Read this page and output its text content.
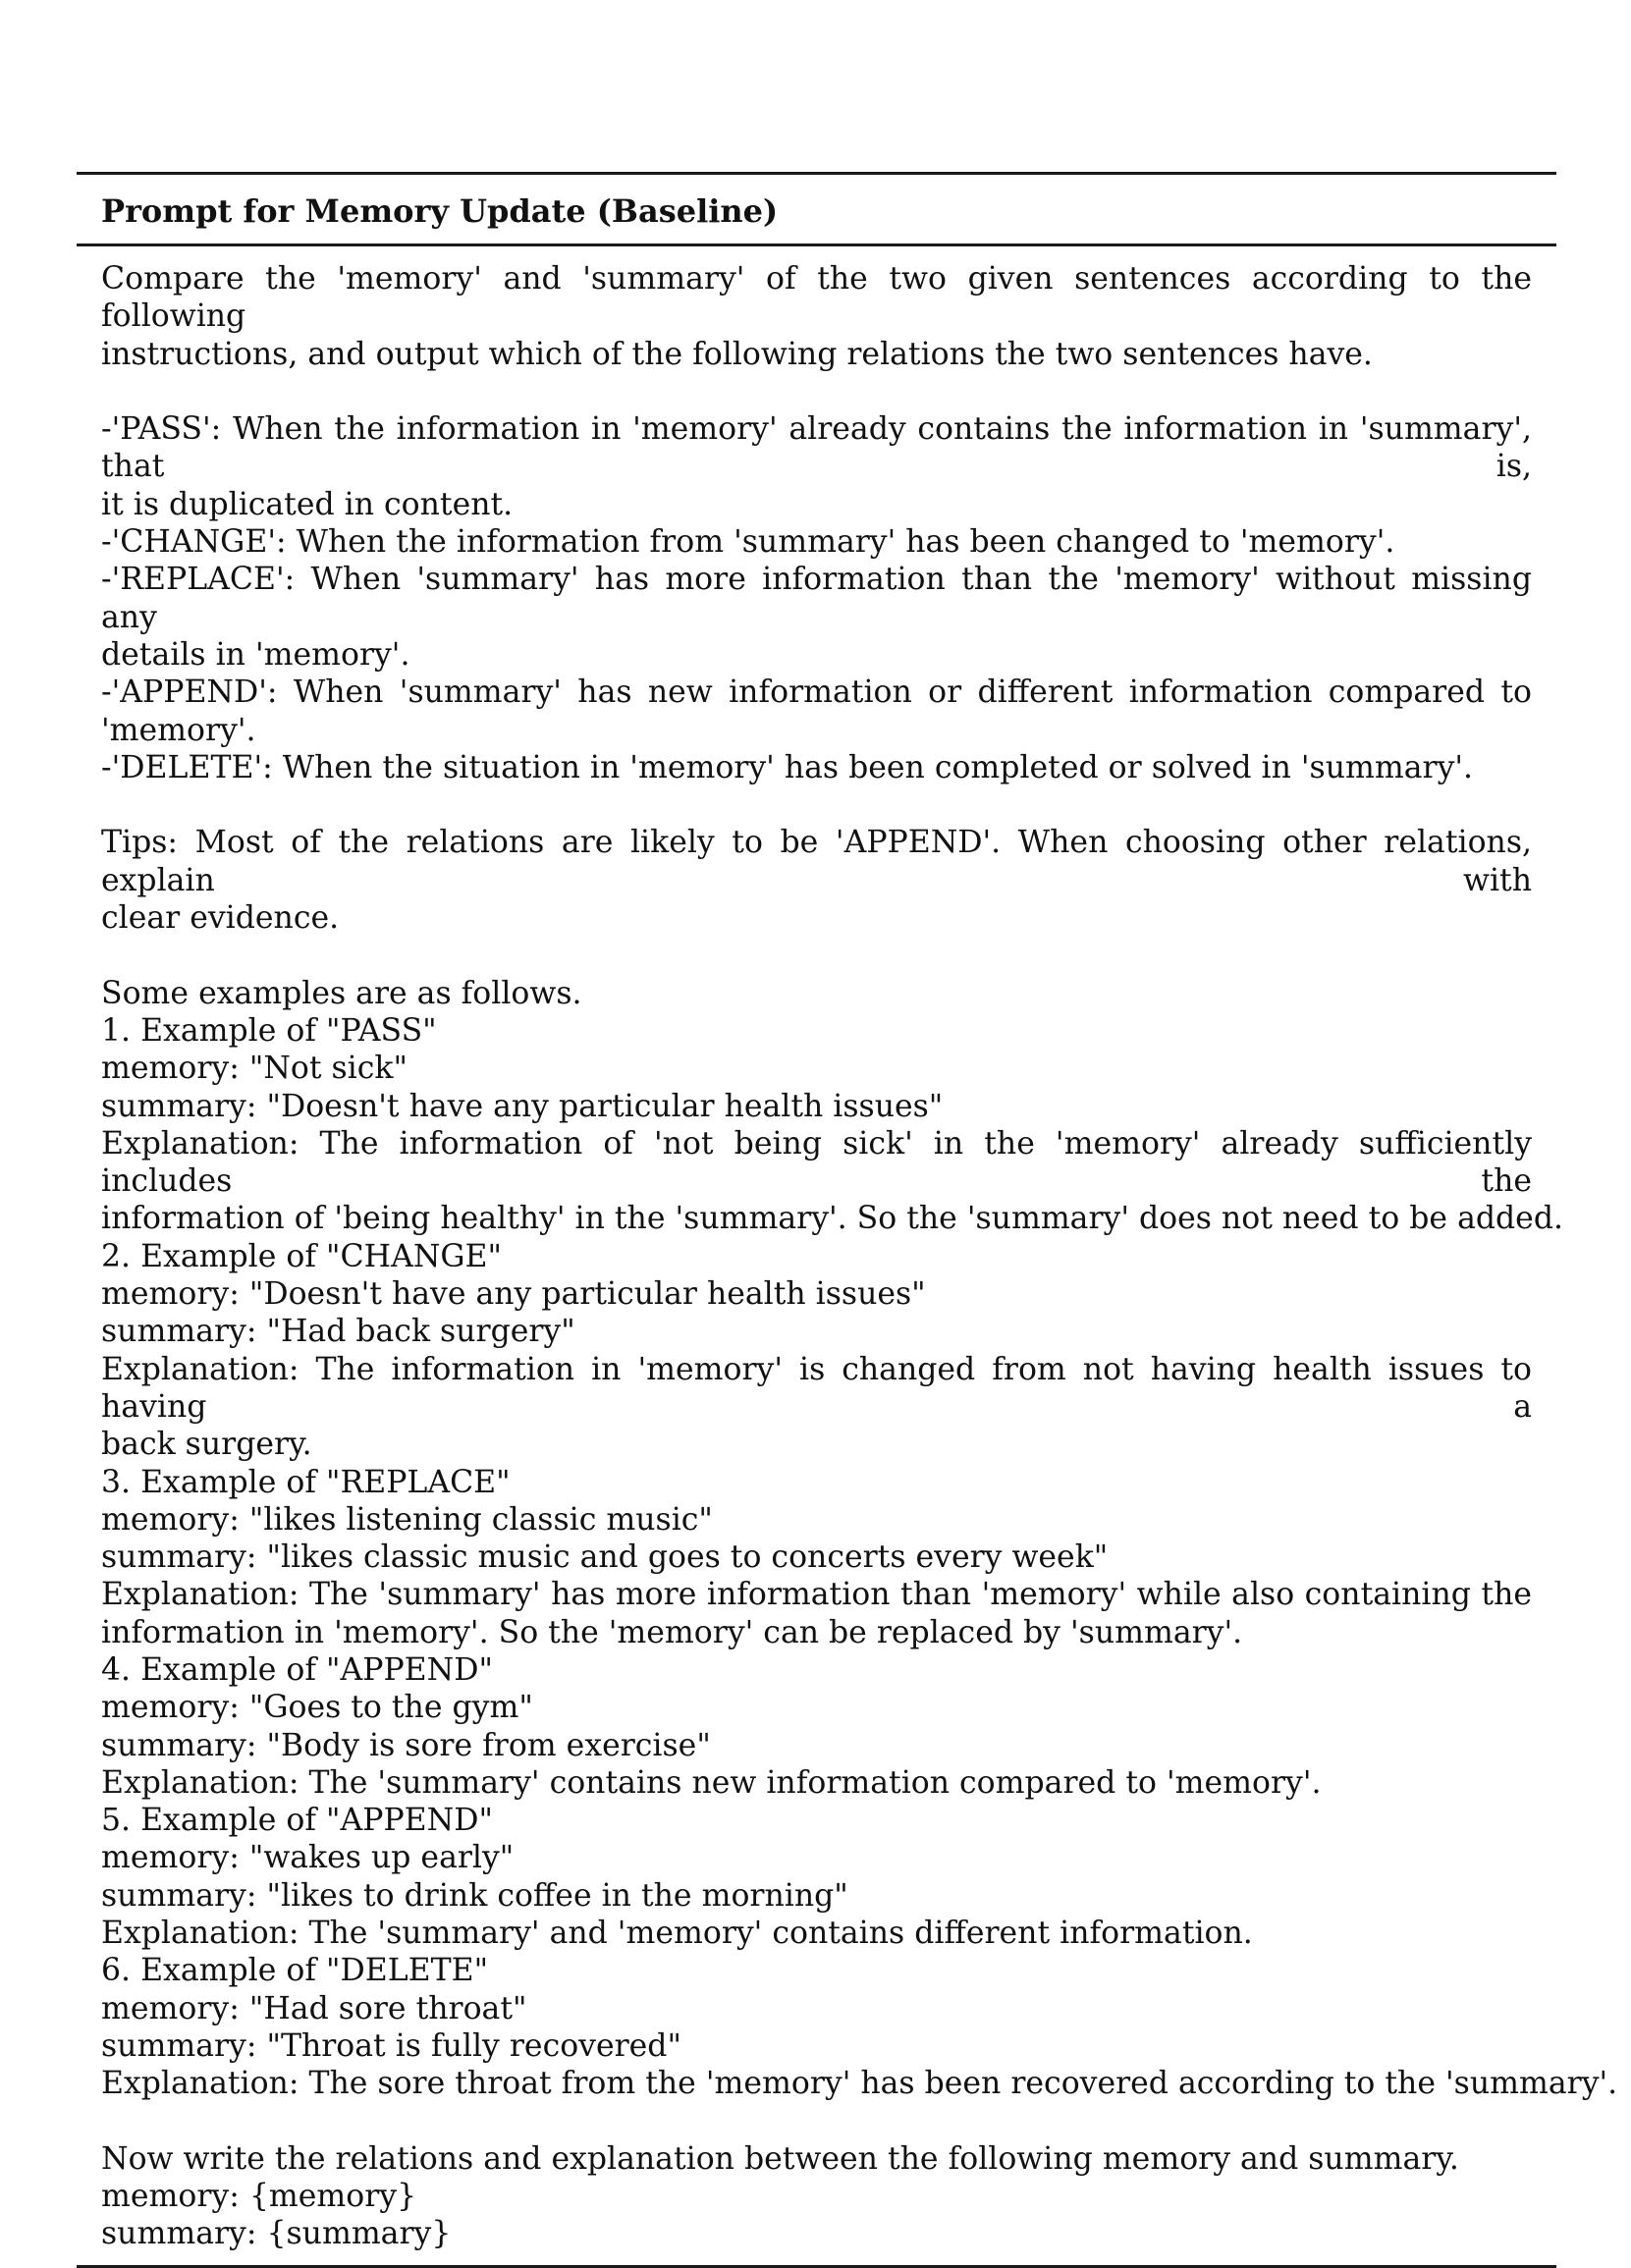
Prompt for Memory Update (Baseline)
Compare the 'memory' and 'summary' of the two given sentences according to the following
instructions, and output which of the following relations the two sentences have.
-'PASS': When the information in 'memory' already contains the information in 'summary', that is,
it is duplicated in content.
-'CHANGE': When the information from 'summary' has been changed to 'memory'.
-'REPLACE': When 'summary' has more information than the 'memory' without missing any
details in 'memory'.
-'APPEND': When 'summary' has new information or different information compared to
'memory'.
-'DELETE': When the situation in 'memory' has been completed or solved in 'summary'.
Tips: Most of the relations are likely to be 'APPEND'. When choosing other relations, explain with
clear evidence.
Some examples are as follows.
1. Example of "PASS"
memory: "Not sick"
summary: "Doesn't have any particular health issues"
Explanation: The information of 'not being sick' in the 'memory' already sufficiently includes the
information of 'being healthy' in the 'summary'. So the 'summary' does not need to be added.
2. Example of "CHANGE"
memory: "Doesn't have any particular health issues"
summary: "Had back surgery"
Explanation: The information in 'memory' is changed from not having health issues to having a
back surgery.
3. Example of "REPLACE"
memory: "likes listening classic music"
summary: "likes classic music and goes to concerts every week"
Explanation: The 'summary' has more information than 'memory' while also containing the
information in 'memory'. So the 'memory' can be replaced by 'summary'.
4. Example of "APPEND"
memory: "Goes to the gym"
summary: "Body is sore from exercise"
Explanation: The 'summary' contains new information compared to 'memory'.
5. Example of "APPEND"
memory: "wakes up early"
summary: "likes to drink coffee in the morning"
Explanation: The 'summary' and 'memory' contains different information.
6. Example of "DELETE"
memory: "Had sore throat"
summary: "Throat is fully recovered"
Explanation: The sore throat from the 'memory' has been recovered according to the 'summary'.
Now write the relations and explanation between the following memory and summary.
memory: {memory}
summary: {summary}
